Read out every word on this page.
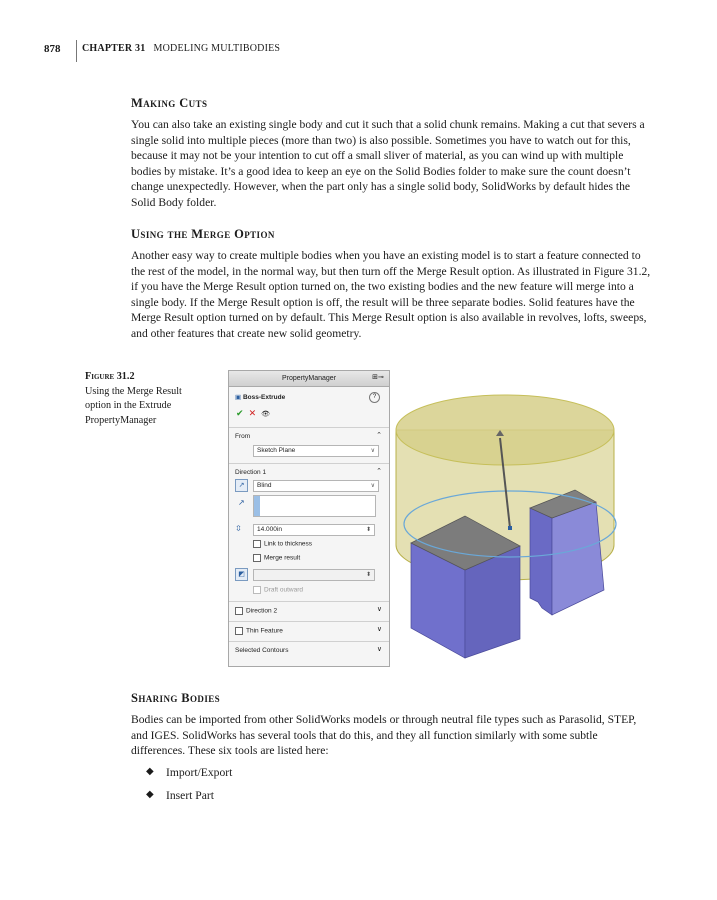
878 CHAPTER 31 MODELING MULTIBODIES
Making Cuts

You can also take an existing single body and cut it such that a solid chunk remains. Making a cut that severs a single solid into multiple pieces (more than two) is also possible. Sometimes you have to watch out for this, because it may not be your intention to cut off a small sliver of material, as you can wind up with multiple bodies by mistake. It’s a good idea to keep an eye on the Solid Bodies folder to make sure the count doesn’t change unexpectedly. However, when the part only has a single solid body, SolidWorks by default hides the Solid Body folder.

Using the Merge Option

Another easy way to create multiple bodies when you have an existing model is to start a feature connected to the rest of the model, in the normal way, but then turn off the Merge Result option. As illustrated in Figure 31.2, if you have the Merge Result option turned on, the two existing bodies and the new feature will merge into a single body. If the Merge Result option is off, the result will be three separate bodies. Solid features have the Merge Result option turned on by default. This Merge Result option is also available in revolves, lofts, sweeps, and other features that create new solid geometry.

Figure 31.2
Using the Merge Result option in the Extrude PropertyManager
PropertyManager	⊞⊸
▣ Boss-Extrude	?
✔ ✕ 👁
From	⌃
Sketch Plane	∨
Direction 1	⌃
↗	Blind	∨
↗
⇳	14.000in	⬍
Link to thickness
Merge result
◩	⬍
Draft outward
Direction 2	∨
Thin Feature	∨
Selected Contours	∨
Sharing Bodies

Bodies can be imported from other SolidWorks models or through neutral file types such as Parasolid, STEP, and IGES. SolidWorks has several tools that do this, and they all function similarly with some subtle differences. These six tools are listed here:

◆ Import/Export
◆ Insert Part
